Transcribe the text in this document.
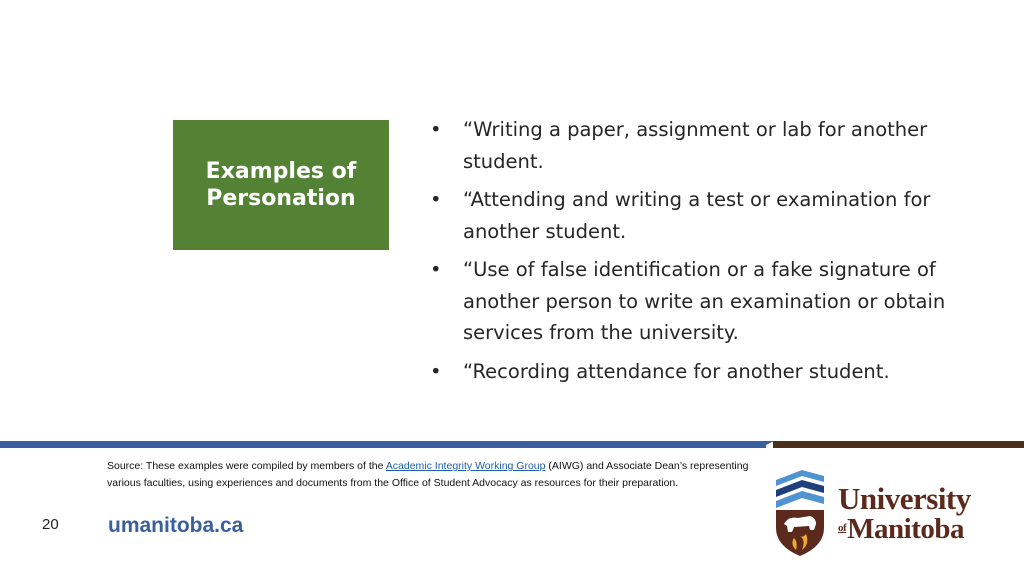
Examples of
Personation
• “Writing a paper, assignment or lab for another student.
• “Attending and writing a test or examination for another student.
• “Use of false identification or a fake signature of another person to write an examination or obtain services from the university.
• “Recording attendance for another student.
Source: These examples were compiled by members of the Academic Integrity Working Group (AIWG) and Associate Dean’s representing various faculties, using experiences and documents from the Office of Student Advocacy as resources for their preparation.
20 umanitoba.ca
University
$^{of}$Manitoba
